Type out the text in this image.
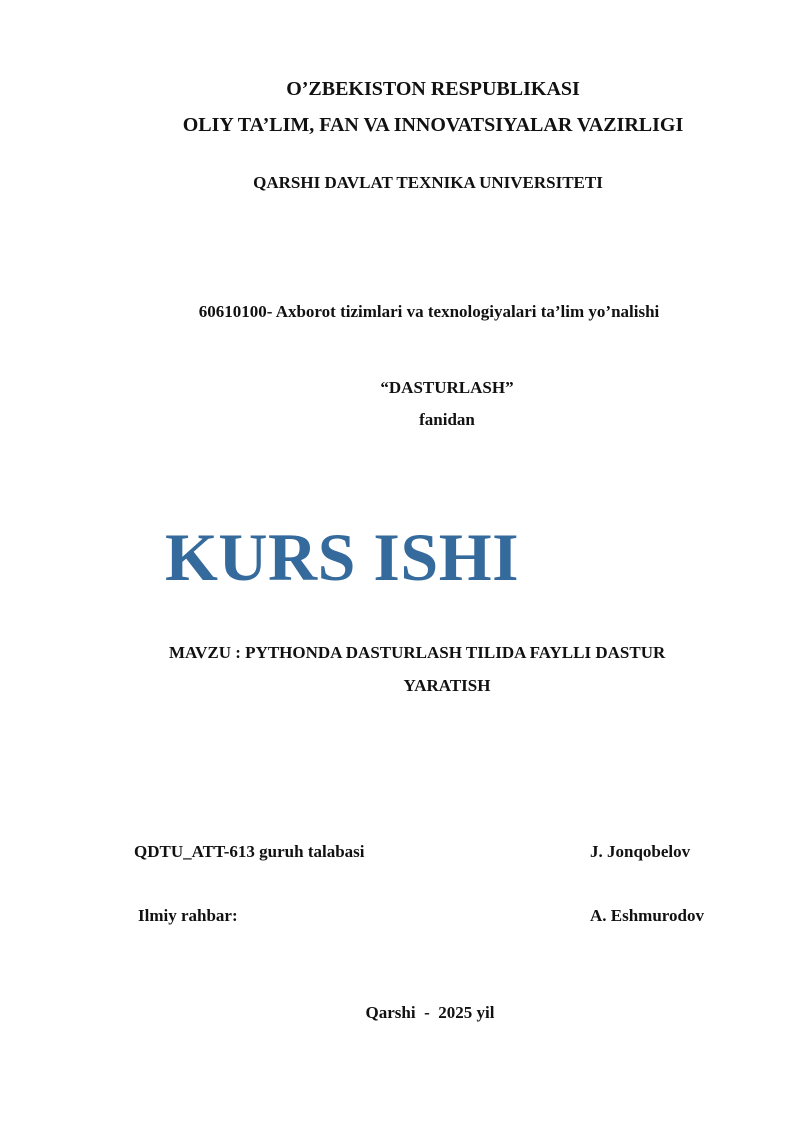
O’ZBEKISTON RESPUBLIKASI
OLIY TA’LIM, FAN VA INNOVATSIYALAR VAZIRLIGI
QARSHI DAVLAT TEXNIKA UNIVERSITETI
60610100- Axborot tizimlari va texnologiyalari ta’lim yo’nalishi
“DASTURLASH”
fanidan
KURS ISHI
MAVZU : PYTHONDA DASTURLASH TILIDA FAYLLI DASTUR
YARATISH
QDTU_ATT-613 guruh talabasi	J. Jonqobelov
Ilmiy rahbar:	A. Eshmurodov
Qarshi  -  2025 yil
